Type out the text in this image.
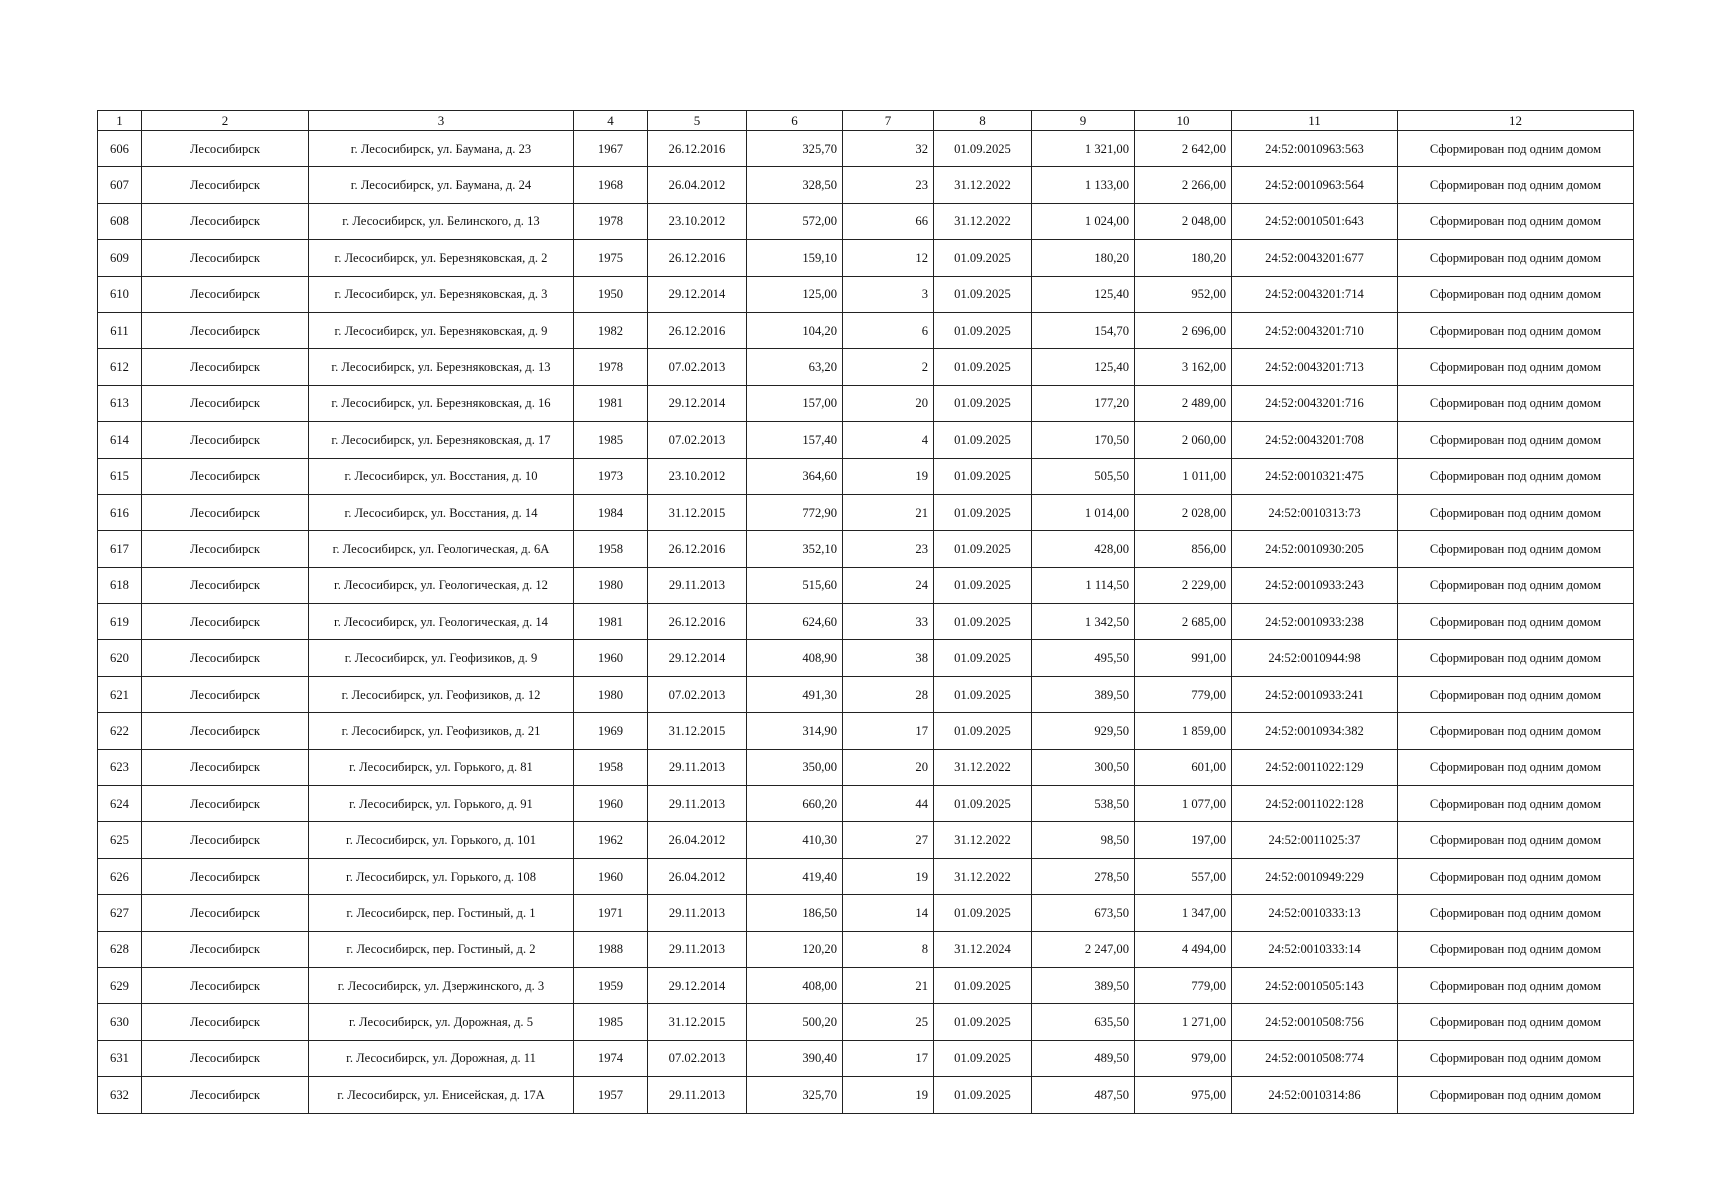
1	2	3	4	5	6	7	8	9	10	11	12
606	Лесосибирск	г. Лесосибирск, ул. Баумана, д. 23	1967	26.12.2016	325,70	32	01.09.2025	1 321,00	2 642,00	24:52:0010963:563	Сформирован под одним домом
607	Лесосибирск	г. Лесосибирск, ул. Баумана, д. 24	1968	26.04.2012	328,50	23	31.12.2022	1 133,00	2 266,00	24:52:0010963:564	Сформирован под одним домом
608	Лесосибирск	г. Лесосибирск, ул. Белинского, д. 13	1978	23.10.2012	572,00	66	31.12.2022	1 024,00	2 048,00	24:52:0010501:643	Сформирован под одним домом
609	Лесосибирск	г. Лесосибирск, ул. Березняковская, д. 2	1975	26.12.2016	159,10	12	01.09.2025	180,20	180,20	24:52:0043201:677	Сформирован под одним домом
610	Лесосибирск	г. Лесосибирск, ул. Березняковская, д. 3	1950	29.12.2014	125,00	3	01.09.2025	125,40	952,00	24:52:0043201:714	Сформирован под одним домом
611	Лесосибирск	г. Лесосибирск, ул. Березняковская, д. 9	1982	26.12.2016	104,20	6	01.09.2025	154,70	2 696,00	24:52:0043201:710	Сформирован под одним домом
612	Лесосибирск	г. Лесосибирск, ул. Березняковская, д. 13	1978	07.02.2013	63,20	2	01.09.2025	125,40	3 162,00	24:52:0043201:713	Сформирован под одним домом
613	Лесосибирск	г. Лесосибирск, ул. Березняковская, д. 16	1981	29.12.2014	157,00	20	01.09.2025	177,20	2 489,00	24:52:0043201:716	Сформирован под одним домом
614	Лесосибирск	г. Лесосибирск, ул. Березняковская, д. 17	1985	07.02.2013	157,40	4	01.09.2025	170,50	2 060,00	24:52:0043201:708	Сформирован под одним домом
615	Лесосибирск	г. Лесосибирск, ул. Восстания, д. 10	1973	23.10.2012	364,60	19	01.09.2025	505,50	1 011,00	24:52:0010321:475	Сформирован под одним домом
616	Лесосибирск	г. Лесосибирск, ул. Восстания, д. 14	1984	31.12.2015	772,90	21	01.09.2025	1 014,00	2 028,00	24:52:0010313:73	Сформирован под одним домом
617	Лесосибирск	г. Лесосибирск, ул. Геологическая, д. 6А	1958	26.12.2016	352,10	23	01.09.2025	428,00	856,00	24:52:0010930:205	Сформирован под одним домом
618	Лесосибирск	г. Лесосибирск, ул. Геологическая, д. 12	1980	29.11.2013	515,60	24	01.09.2025	1 114,50	2 229,00	24:52:0010933:243	Сформирован под одним домом
619	Лесосибирск	г. Лесосибирск, ул. Геологическая, д. 14	1981	26.12.2016	624,60	33	01.09.2025	1 342,50	2 685,00	24:52:0010933:238	Сформирован под одним домом
620	Лесосибирск	г. Лесосибирск, ул. Геофизиков, д. 9	1960	29.12.2014	408,90	38	01.09.2025	495,50	991,00	24:52:0010944:98	Сформирован под одним домом
621	Лесосибирск	г. Лесосибирск, ул. Геофизиков, д. 12	1980	07.02.2013	491,30	28	01.09.2025	389,50	779,00	24:52:0010933:241	Сформирован под одним домом
622	Лесосибирск	г. Лесосибирск, ул. Геофизиков, д. 21	1969	31.12.2015	314,90	17	01.09.2025	929,50	1 859,00	24:52:0010934:382	Сформирован под одним домом
623	Лесосибирск	г. Лесосибирск, ул. Горького, д. 81	1958	29.11.2013	350,00	20	31.12.2022	300,50	601,00	24:52:0011022:129	Сформирован под одним домом
624	Лесосибирск	г. Лесосибирск, ул. Горького, д. 91	1960	29.11.2013	660,20	44	01.09.2025	538,50	1 077,00	24:52:0011022:128	Сформирован под одним домом
625	Лесосибирск	г. Лесосибирск, ул. Горького, д. 101	1962	26.04.2012	410,30	27	31.12.2022	98,50	197,00	24:52:0011025:37	Сформирован под одним домом
626	Лесосибирск	г. Лесосибирск, ул. Горького, д. 108	1960	26.04.2012	419,40	19	31.12.2022	278,50	557,00	24:52:0010949:229	Сформирован под одним домом
627	Лесосибирск	г. Лесосибирск, пер. Гостиный, д. 1	1971	29.11.2013	186,50	14	01.09.2025	673,50	1 347,00	24:52:0010333:13	Сформирован под одним домом
628	Лесосибирск	г. Лесосибирск, пер. Гостиный, д. 2	1988	29.11.2013	120,20	8	31.12.2024	2 247,00	4 494,00	24:52:0010333:14	Сформирован под одним домом
629	Лесосибирск	г. Лесосибирск, ул. Дзержинского, д. 3	1959	29.12.2014	408,00	21	01.09.2025	389,50	779,00	24:52:0010505:143	Сформирован под одним домом
630	Лесосибирск	г. Лесосибирск, ул. Дорожная, д. 5	1985	31.12.2015	500,20	25	01.09.2025	635,50	1 271,00	24:52:0010508:756	Сформирован под одним домом
631	Лесосибирск	г. Лесосибирск, ул. Дорожная, д. 11	1974	07.02.2013	390,40	17	01.09.2025	489,50	979,00	24:52:0010508:774	Сформирован под одним домом
632	Лесосибирск	г. Лесосибирск, ул. Енисейская, д. 17А	1957	29.11.2013	325,70	19	01.09.2025	487,50	975,00	24:52:0010314:86	Сформирован под одним домом
